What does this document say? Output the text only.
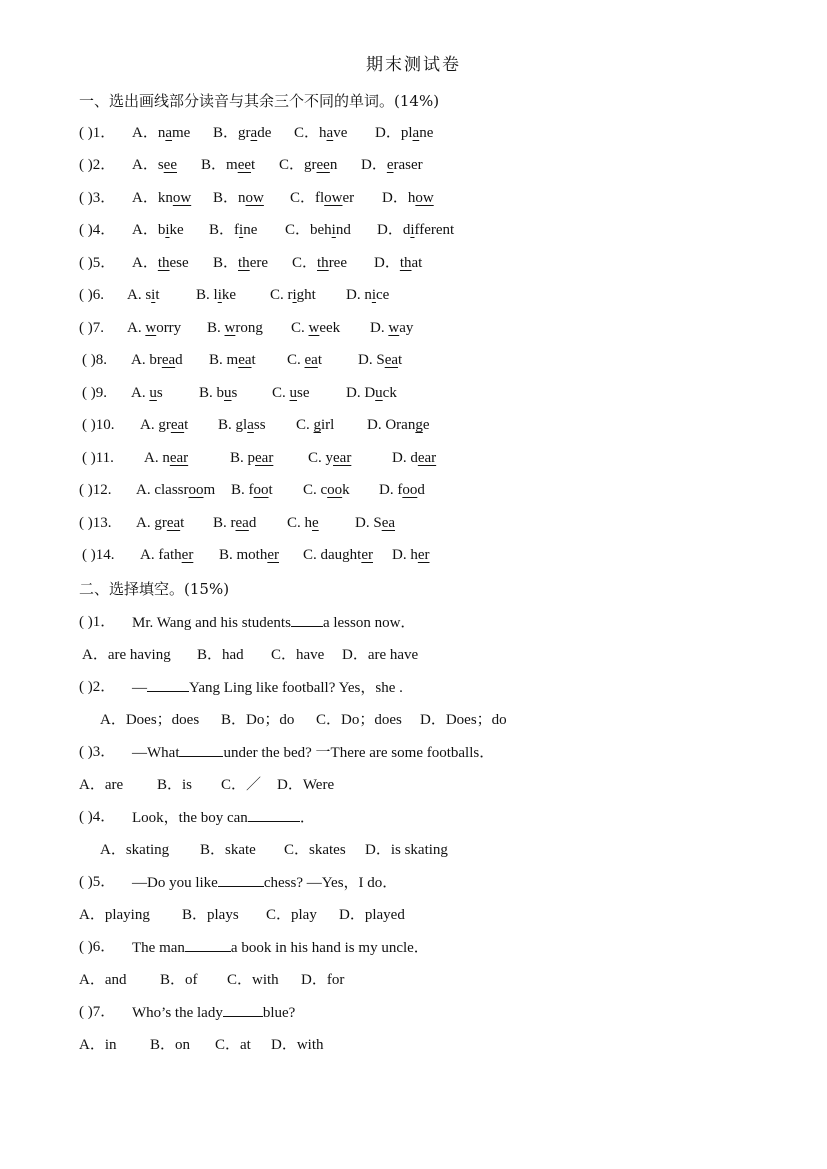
期末测试卷
一、选出画线部分读音与其余三个不同的单词。(14%)
( )1． A．name B．grade C．have D．plane
( )2． A．see B．meet C．green D．eraser
( )3． A．know B．now C．flower D．how
( )4． A．bike B．fine C．behind D．different
( )5． A．these B．there C．three D．that
( )6. A. sit B. like C. right D. nice
( )7. A. worry B. wrong C. week D. way
( )8. A. bread B. meat C. eat D. Seat
( )9. A. us B. bus C. use D. Duck
( )10. A. great B. glass C. girl D. Orange
( )11. A. near	B. pear C. year	D. dear
( )12. A. classroom B. foot C. cook D. food
( )13. A. great B. read C. he D. Sea
( )14. A. father B. mother C. daughter D. her
二、选择填空。(15%)
( )1． Mr. Wang and his students a lesson now．
A．are having B．had C．have D．are have
( )2． —	Yang Ling like football? Yes，she .
A．Does；does B．Do；do C．Do；does D．Does；do
( )3． —What	under the bed? 一There are some footballs．
A．are B．is C．／ D．Were
( )4． Look，the boy can	．
A．skating B．skate C．skates D．is skating
( )5． —Do you like	chess? —Yes，I do．
A．playing B．plays C．play D．played
( )6． The man	a book in his hand is my uncle．
A．and B．of C．with D．for
( )7． Who’s the lady	blue?
A．in B．on C．at D．with
